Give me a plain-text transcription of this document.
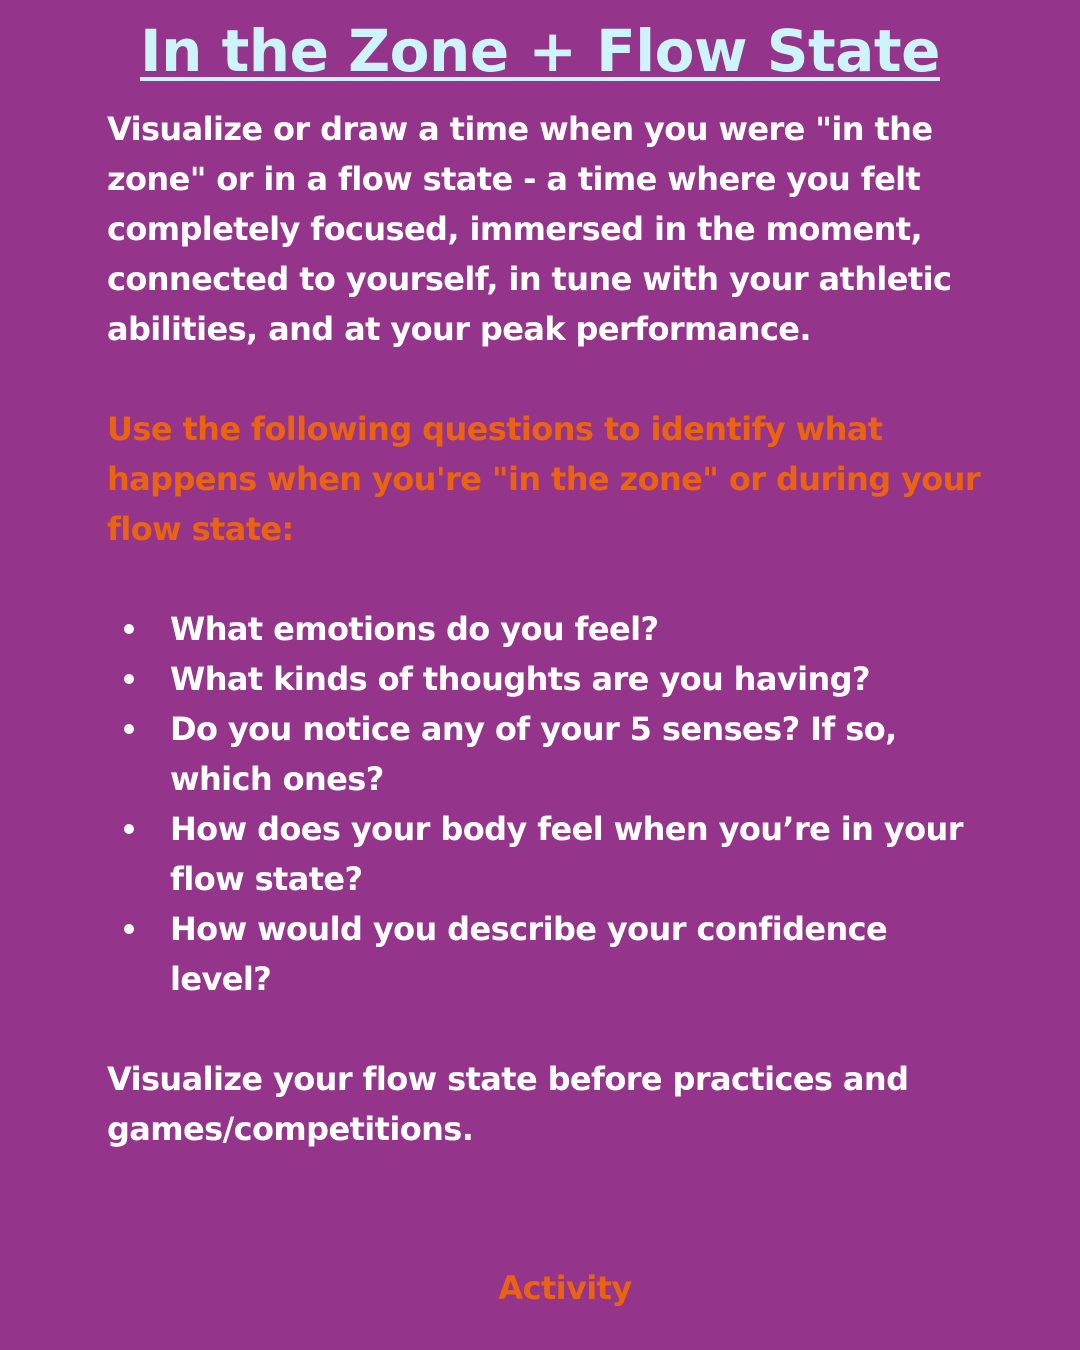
In the Zone + Flow State

Visualize or draw a time when you were "in the zone" or in a flow state - a time where you felt completely focused, immersed in the moment, connected to yourself, in tune with your athletic abilities, and at your peak performance.

Use the following questions to identify what happens when you're "in the zone" or during your flow state:

What emotions do you feel?
What kinds of thoughts are you having?
Do you notice any of your 5 senses? If so, which ones?
How does your body feel when you’re in your flow state?
How would you describe your confidence level?

Visualize your flow state before practices and games/competitions.

Activity
